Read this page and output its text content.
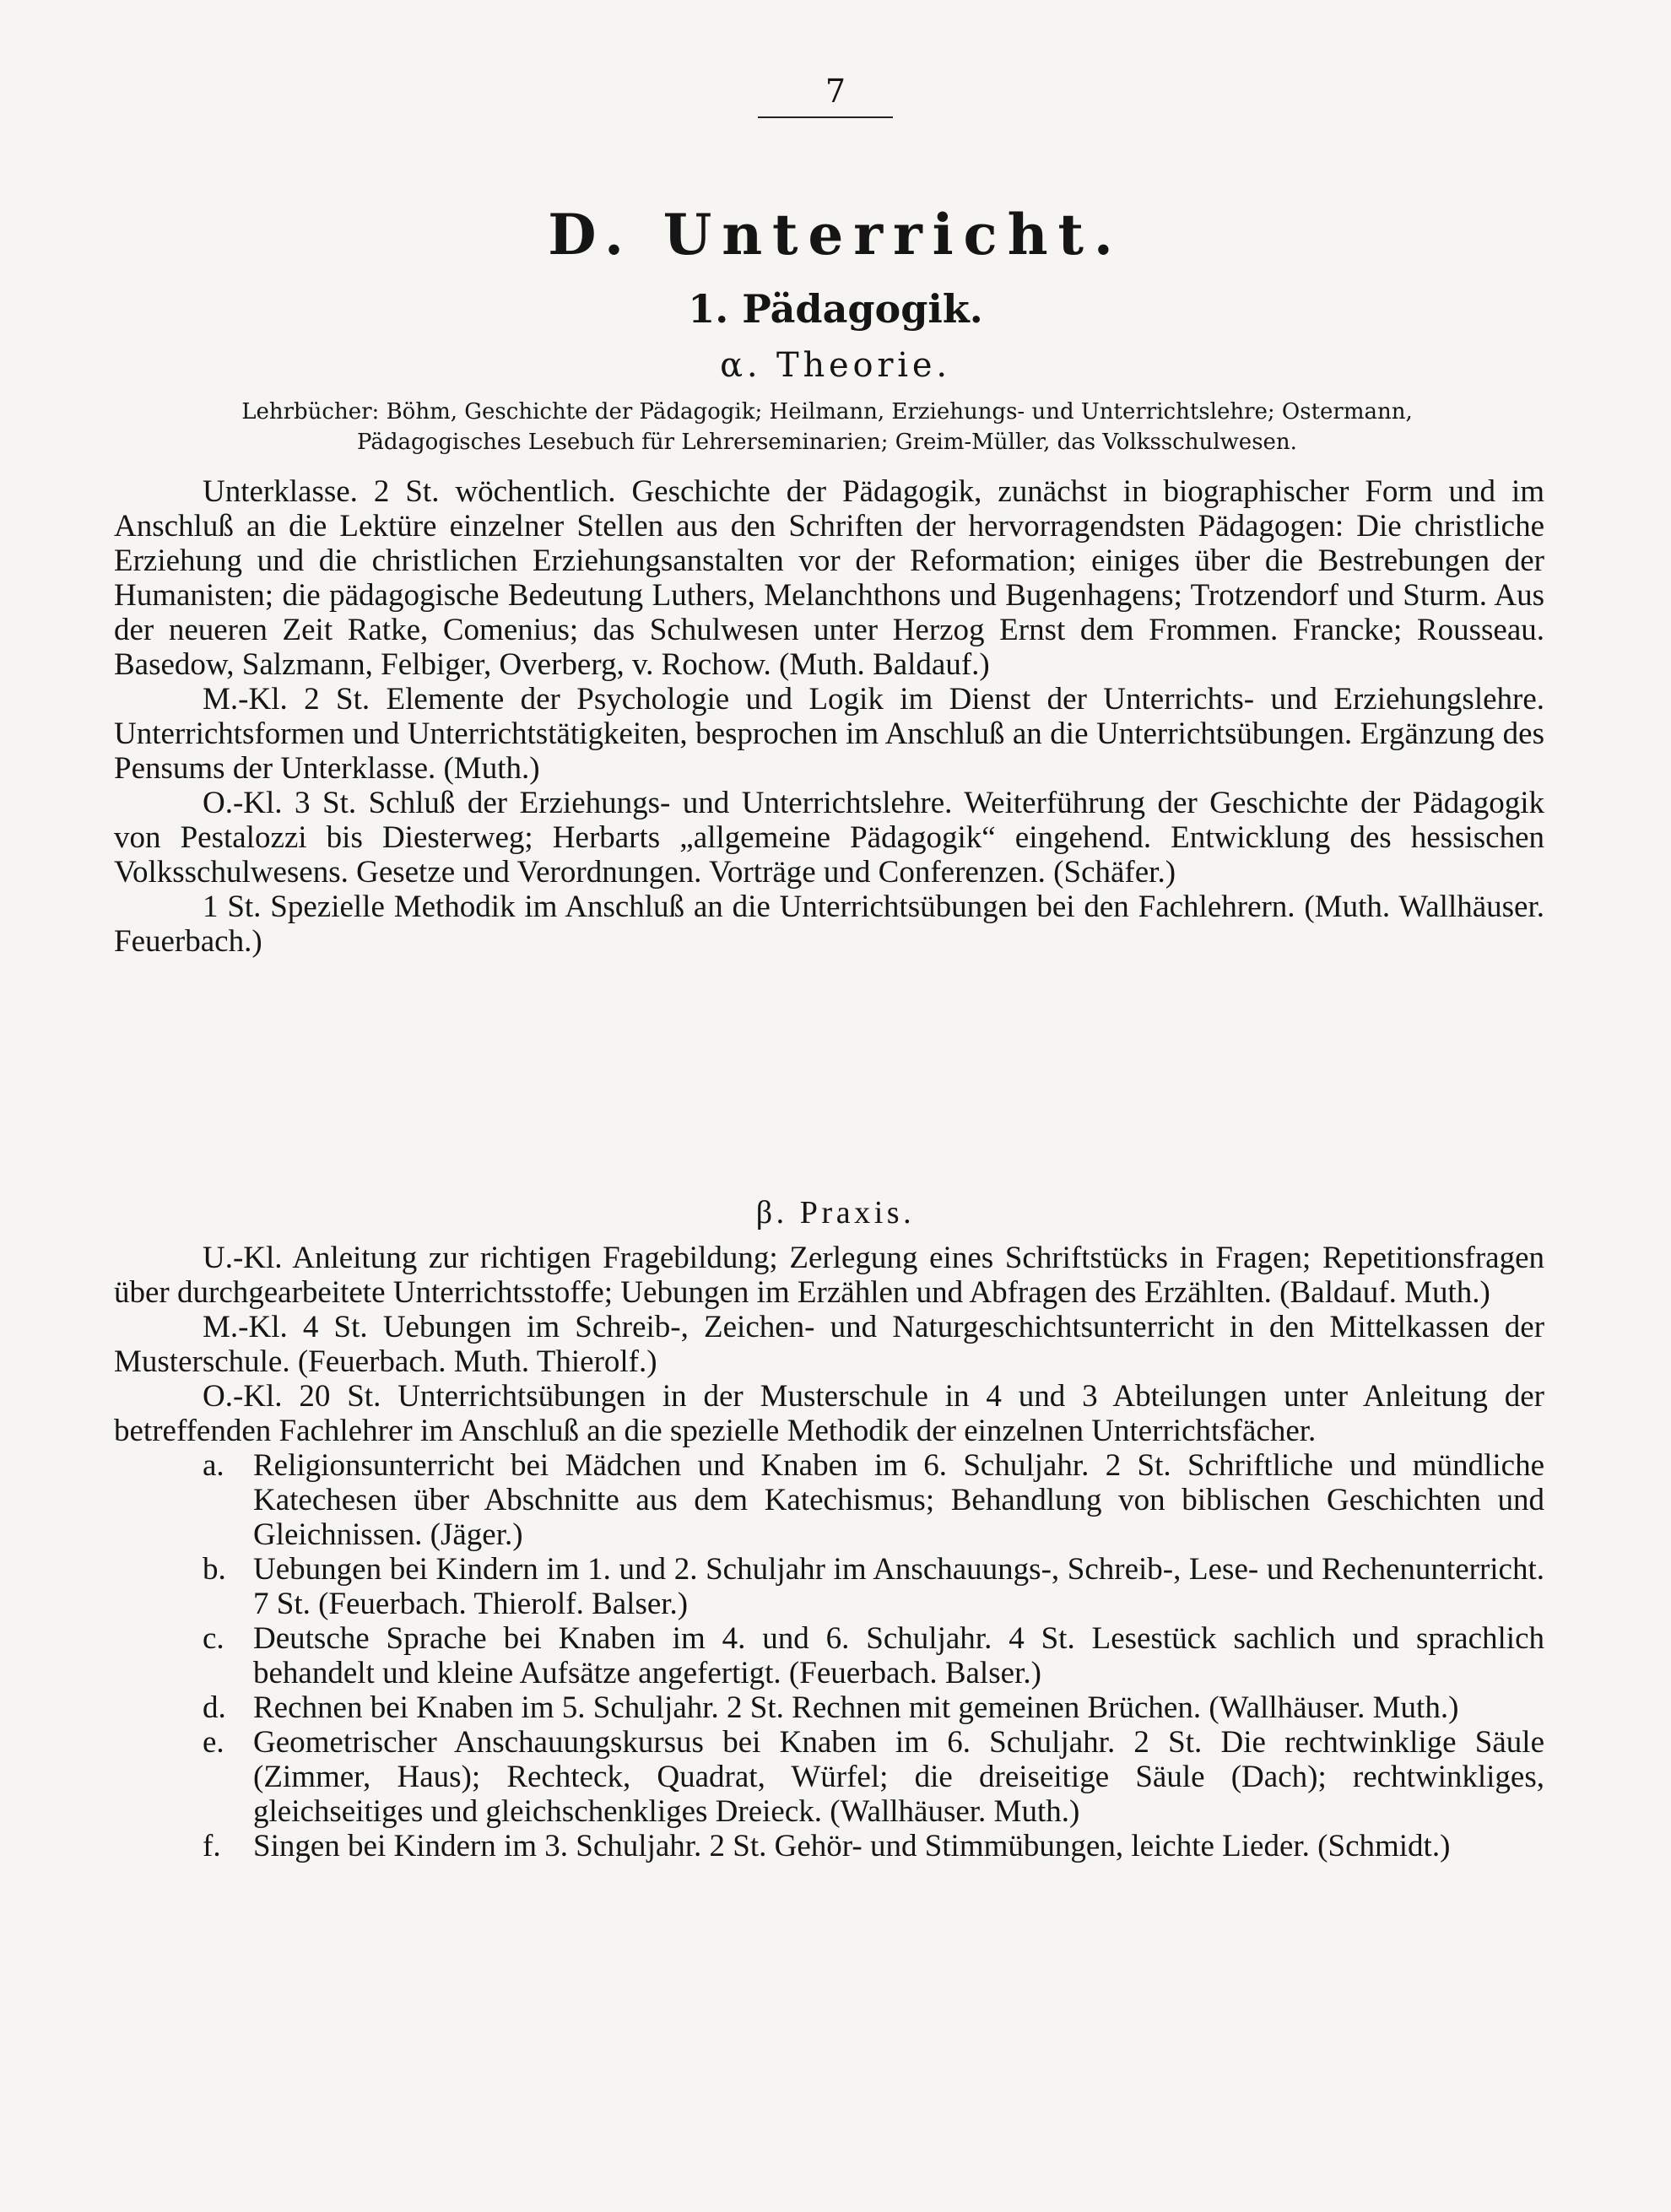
7
D. Unterricht.
1. Pädagogik.
α. Theorie.
Lehrbücher: Böhm, Geschichte der Pädagogik; Heilmann, Erziehungs- und Unterrichtslehre; Ostermann, Pädagogisches Lesebuch für Lehrerseminarien; Greim-Müller, das Volksschulwesen.

Unterklasse. 2 St. wöchentlich. Geschichte der Pädagogik, zunächst in biographischer Form und im Anschluß an die Lektüre einzelner Stellen aus den Schriften der hervorragendsten Pädagogen: Die christliche Erziehung und die christlichen Erziehungsanstalten vor der Reformation; einiges über die Bestrebungen der Humanisten; die pädagogische Bedeutung Luthers, Melanchthons und Bugenhagens; Trotzendorf und Sturm. Aus der neueren Zeit Ratke, Comenius; das Schulwesen unter Herzog Ernst dem Frommen. Francke; Rousseau. Basedow, Salzmann, Felbiger, Overberg, v. Rochow. (Muth. Baldauf.)

M.-Kl. 2 St. Elemente der Psychologie und Logik im Dienst der Unterrichts- und Erziehungslehre. Unterrichtsformen und Unterrichtstätigkeiten, besprochen im Anschluß an die Unterrichtsübungen. Ergänzung des Pensums der Unterklasse. (Muth.)

O.-Kl. 3 St. Schluß der Erziehungs- und Unterrichtslehre. Weiterführung der Geschichte der Pädagogik von Pestalozzi bis Diesterweg; Herbarts „allgemeine Pädagogik“ eingehend. Entwicklung des hessischen Volksschulwesens. Gesetze und Verordnungen. Vorträge und Conferenzen. (Schäfer.)

1 St. Spezielle Methodik im Anschluß an die Unterrichtsübungen bei den Fachlehrern. (Muth. Wallhäuser. Feuerbach.)

β. Praxis.

U.-Kl. Anleitung zur richtigen Fragebildung; Zerlegung eines Schriftstücks in Fragen; Repetitionsfragen über durchgearbeitete Unterrichtsstoffe; Uebungen im Erzählen und Abfragen des Erzählten. (Baldauf. Muth.)

M.-Kl. 4 St. Uebungen im Schreib-, Zeichen- und Naturgeschichtsunterricht in den Mittelkassen der Musterschule. (Feuerbach. Muth. Thierolf.)

O.-Kl. 20 St. Unterrichtsübungen in der Musterschule in 4 und 3 Abteilungen unter Anleitung der betreffenden Fachlehrer im Anschluß an die spezielle Methodik der einzelnen Unterrichtsfächer.

a. Religionsunterricht bei Mädchen und Knaben im 6. Schuljahr. 2 St. Schriftliche und mündliche Katechesen über Abschnitte aus dem Katechismus; Behandlung von biblischen Geschichten und Gleichnissen. (Jäger.)

b. Uebungen bei Kindern im 1. und 2. Schuljahr im Anschauungs-, Schreib-, Lese- und Rechenunterricht. 7 St. (Feuerbach. Thierolf. Balser.)

c. Deutsche Sprache bei Knaben im 4. und 6. Schuljahr. 4 St. Lesestück sachlich und sprachlich behandelt und kleine Aufsätze angefertigt. (Feuerbach. Balser.)

d. Rechnen bei Knaben im 5. Schuljahr. 2 St. Rechnen mit gemeinen Brüchen. (Wallhäuser. Muth.)

e. Geometrischer Anschauungskursus bei Knaben im 6. Schuljahr. 2 St. Die rechtwinklige Säule (Zimmer, Haus); Rechteck, Quadrat, Würfel; die dreiseitige Säule (Dach); rechtwinkliges, gleichseitiges und gleichschenkliges Dreieck. (Wallhäuser. Muth.)

f.	Singen bei Kindern im 3. Schuljahr. 2 St. Gehör- und Stimmübungen, leichte Lieder. (Schmidt.)
